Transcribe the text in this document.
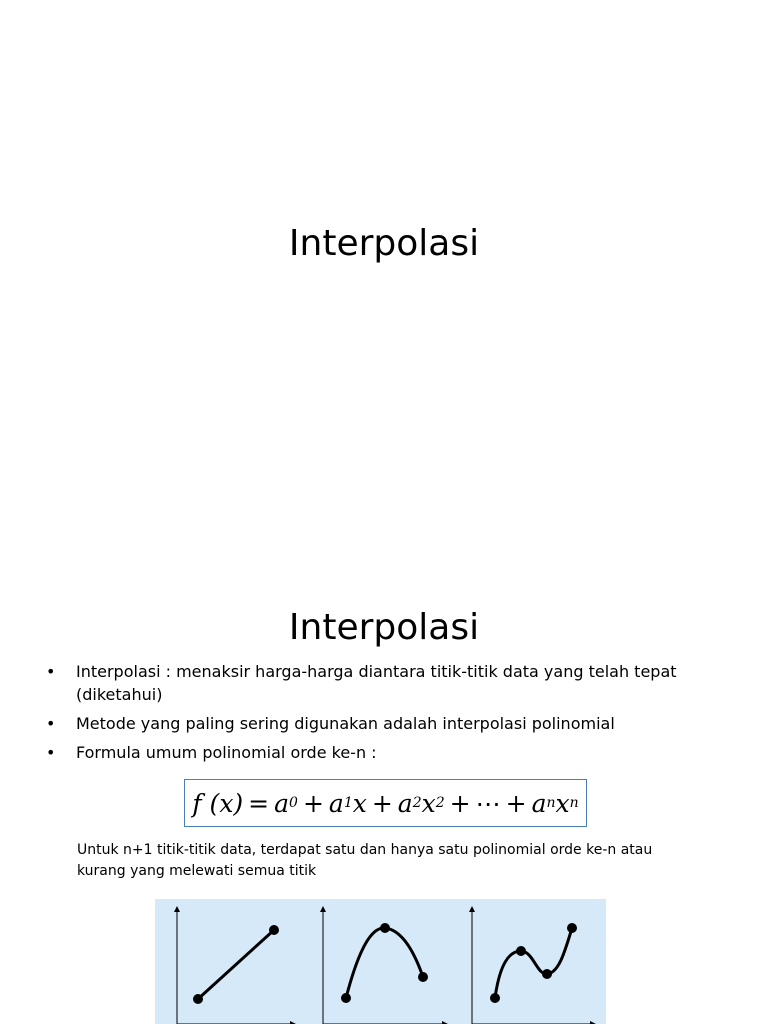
Interpolasi
Interpolasi
• Interpolasi : menaksir harga-harga diantara titik-titik data yang telah tepat (diketahui)
• Metode yang paling sering digunakan adalah interpolasi polinomial
• Formula umum polinomial orde ke-n :
f (x) = a 0 + a 1 x + a 2 x 2 + ⋯ + a n x n
Untuk n+1 titik-titik data, terdapat satu dan hanya satu polinomial orde ke-n atau kurang yang melewati semua titik
